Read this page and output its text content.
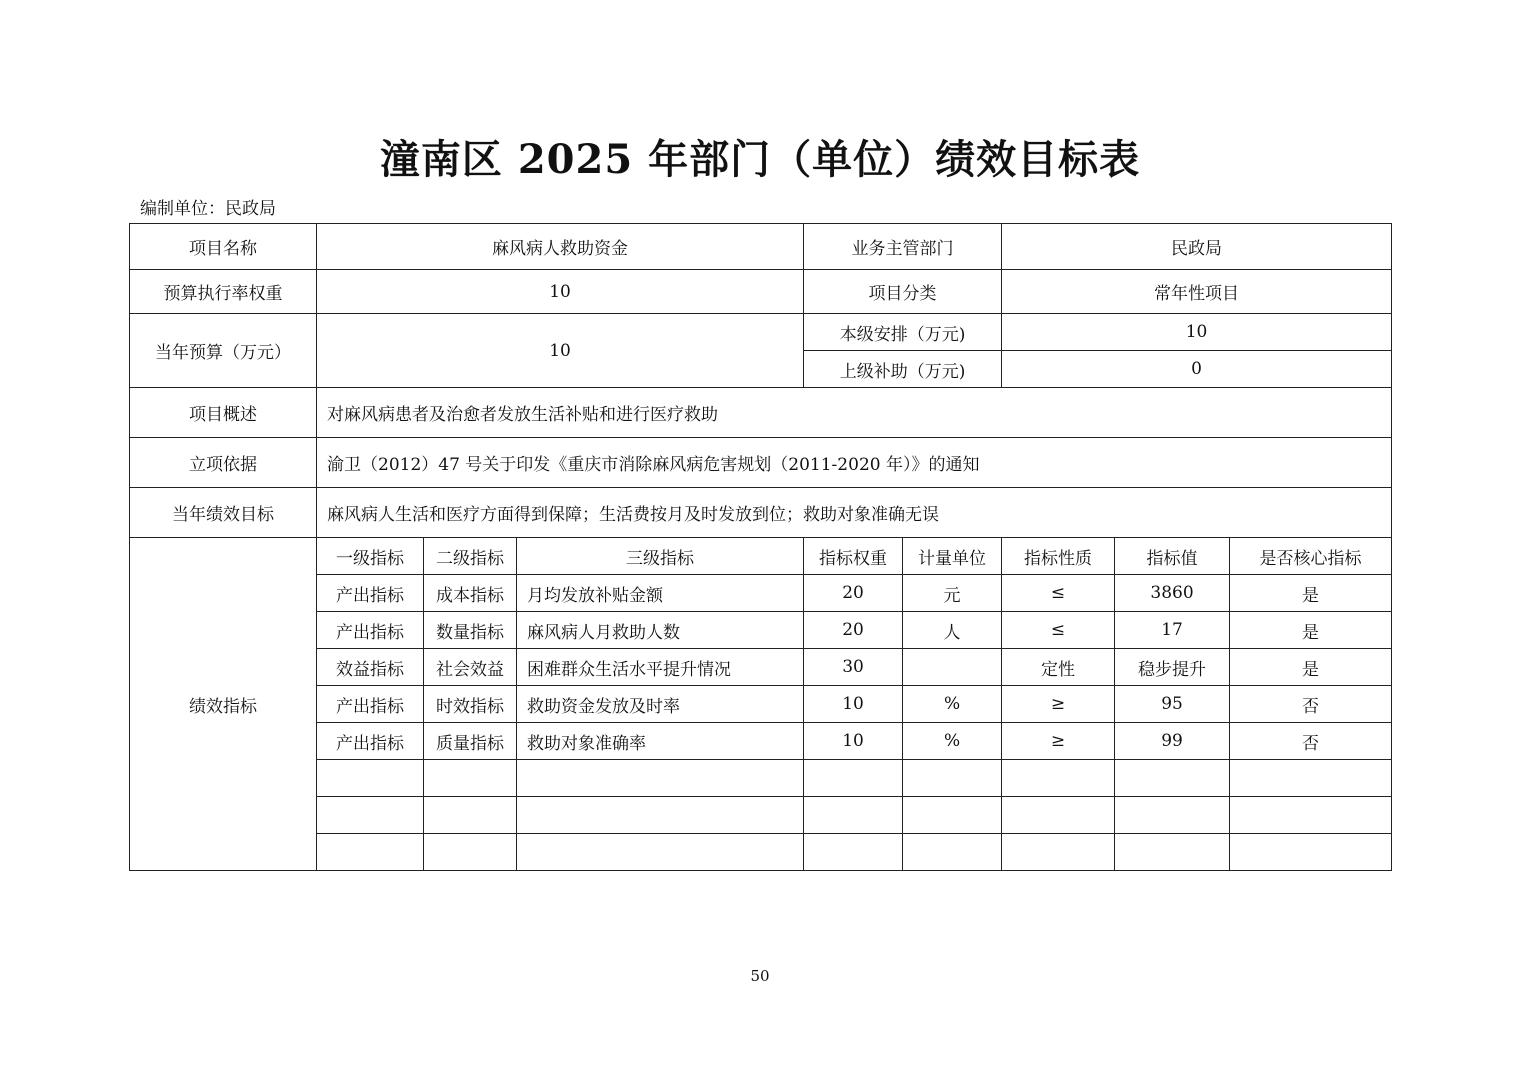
潼南区 2025 年部门（单位）绩效目标表
编制单位：民政局
项目名称	麻风病人救助资金			业务主管部门		民政局		
预算执行率权重	10			项目分类		常年性项目		
当年预算（万元）	10			本级安排（万元)		10		
				上级补助（万元)		0		
项目概述	对麻风病患者及治愈者发放生活补贴和进行医疗救助							
立项依据	渝卫（2012）47 号关于印发《重庆市消除麻风病危害规划（2011-2020 年）》的通知							
当年绩效目标	麻风病人生活和医疗方面得到保障；生活费按月及时发放到位；救助对象准确无误							
绩效指标	一级指标	二级指标	三级指标	指标权重	计量单位	指标性质	指标值	是否核心指标
	产出指标	成本指标	月均发放补贴金额	20	元	≤	3860	是
	产出指标	数量指标	麻风病人月救助人数	20	人	≤	17	是
	效益指标	社会效益	困难群众生活水平提升情况	30		定性	稳步提升	是
	产出指标	时效指标	救助资金发放及时率	10	%	≥	95	否
	产出指标	质量指标	救助对象准确率	10	%	≥	99	否

50
